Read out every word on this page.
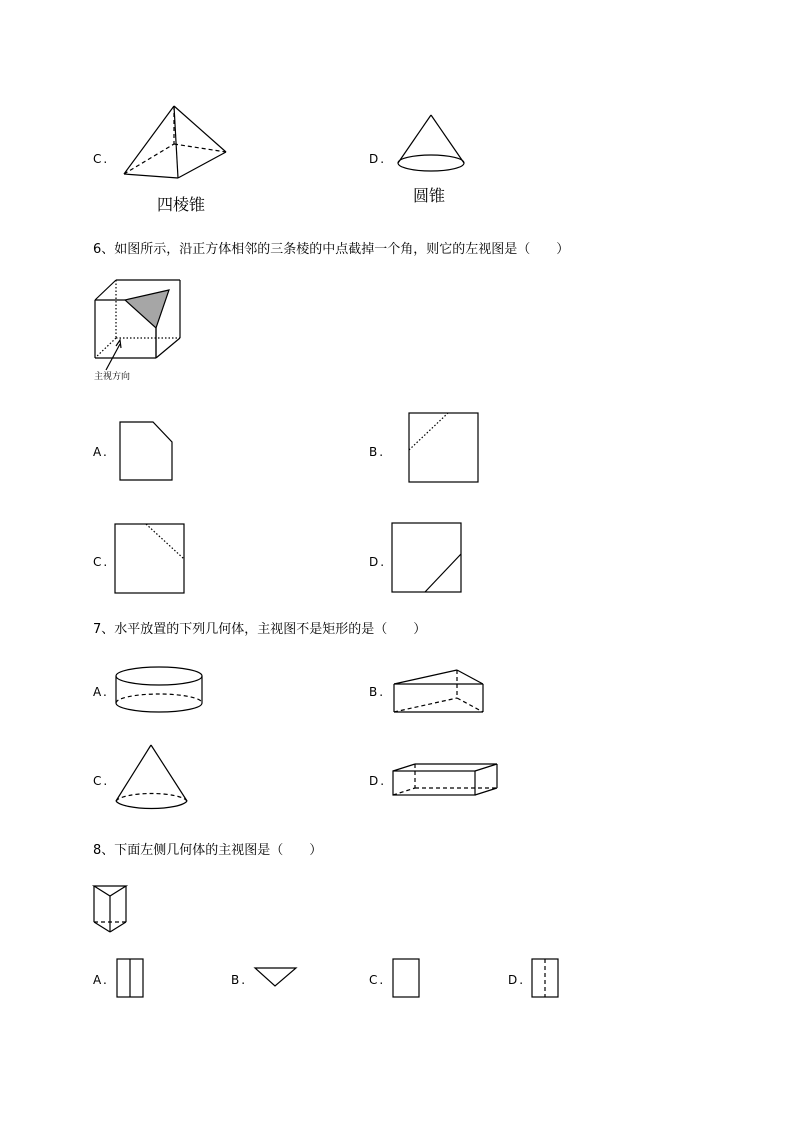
C.
四棱锥
D.
圆锥
6、如图所示，沿正方体相邻的三条棱的中点截掉一个角，则它的左视图是（　　）
主视方向
A.	B.
C.	D.
7、水平放置的下列几何体，主视图不是矩形的是（　　）
A.	B.
C.	D.
8、下面左侧几何体的主视图是（　　）
A.	B.	C.	D.
